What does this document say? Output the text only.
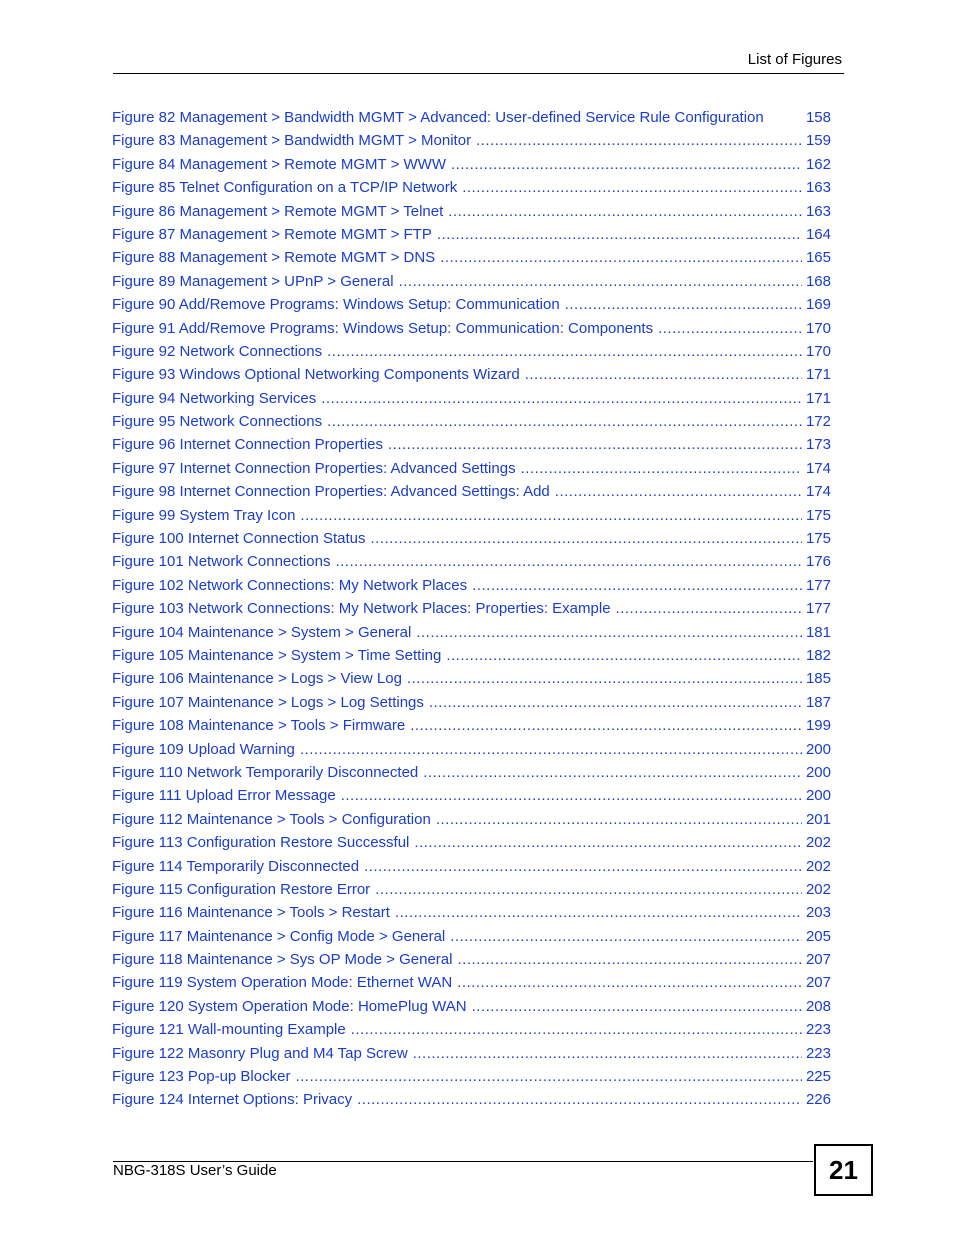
List of Figures
Figure 82 Management > Bandwidth MGMT > Advanced: User-defined Service Rule Configuration	158
Figure 83 Management > Bandwidth MGMT > Monitor .....	159
Figure 84 Management > Remote MGMT > WWW .....	162
Figure 85 Telnet Configuration on a TCP/IP Network .....	163
Figure 86 Management > Remote MGMT > Telnet .....	163
Figure 87 Management > Remote MGMT > FTP .....	164
Figure 88 Management > Remote MGMT > DNS .....	165
Figure 89 Management > UPnP > General .....	168
Figure 90 Add/Remove Programs: Windows Setup: Communication .....	169
Figure 91 Add/Remove Programs: Windows Setup: Communication: Components .....	170
Figure 92 Network Connections .....	170
Figure 93 Windows Optional Networking Components Wizard .....	171
Figure 94 Networking Services .....	171
Figure 95 Network Connections .....	172
Figure 96 Internet Connection Properties .....	173
Figure 97 Internet Connection Properties: Advanced Settings .....	174
Figure 98 Internet Connection Properties: Advanced Settings: Add .....	174
Figure 99 System Tray Icon .....	175
Figure 100 Internet Connection Status .....	175
Figure 101 Network Connections .....	176
Figure 102 Network Connections: My Network Places .....	177
Figure 103 Network Connections: My Network Places: Properties: Example .....	177
Figure 104 Maintenance > System > General .....	181
Figure 105 Maintenance > System > Time Setting .....	182
Figure 106 Maintenance > Logs > View Log .....	185
Figure 107 Maintenance > Logs > Log Settings .....	187
Figure 108 Maintenance > Tools > Firmware .....	199
Figure 109 Upload Warning .....	200
Figure 110 Network Temporarily Disconnected .....	200
Figure 111 Upload Error Message .....	200
Figure 112 Maintenance > Tools > Configuration .....	201
Figure 113 Configuration Restore Successful .....	202
Figure 114 Temporarily Disconnected .....	202
Figure 115 Configuration Restore Error .....	202
Figure 116 Maintenance > Tools > Restart .....	203
Figure 117 Maintenance > Config Mode > General .....	205
Figure 118 Maintenance > Sys OP Mode > General .....	207
Figure 119 System Operation Mode: Ethernet WAN .....	207
Figure 120 System Operation Mode: HomePlug WAN .....	208
Figure 121 Wall-mounting Example .....	223
Figure 122 Masonry Plug and M4 Tap Screw .....	223
Figure 123 Pop-up Blocker .....	225
Figure 124 Internet Options: Privacy .....	226
NBG-318S User’s Guide	21
